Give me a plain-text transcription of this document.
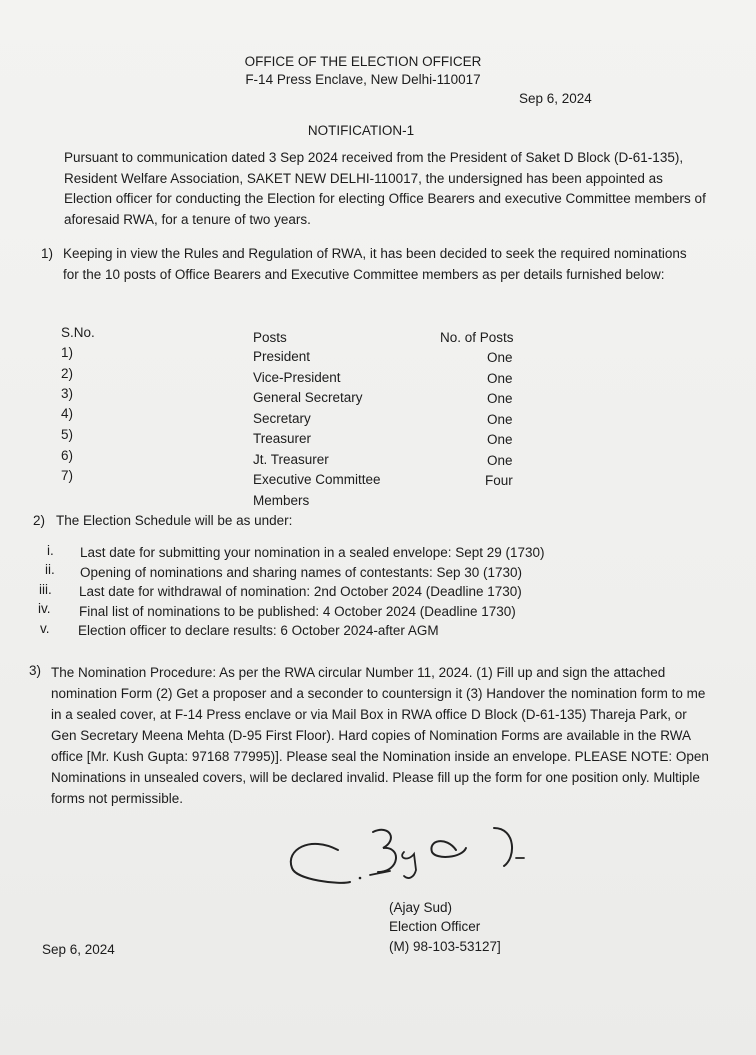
OFFICE OF THE ELECTION OFFICER
F-14 Press Enclave, New Delhi-110017
Sep 6, 2024
NOTIFICATION-1
Pursuant to communication dated 3 Sep 2024 received from the President of Saket D Block (D-61-135), Resident Welfare Association, SAKET NEW DELHI-110017, the undersigned has been appointed as Election officer for conducting the Election for electing Office Bearers and executive Committee members of aforesaid RWA, for a tenure of two years.
1) Keeping in view the Rules and Regulation of RWA, it has been decided to seek the required nominations for the 10 posts of Office Bearers and Executive Committee members as per details furnished below:
S.No.	Posts	No. of Posts
1)	President	One
2)	Vice-President	One
3)	General Secretary	One
4)	Secretary	One
5)	Treasurer	One
6)	Jt. Treasurer	One
7)	Executive Committee	Four
Members
2) The Election Schedule will be as under:
i. Last date for submitting your nomination in a sealed envelope: Sept 29 (1730)
ii. Opening of nominations and sharing names of contestants: Sep 30 (1730)
iii. Last date for withdrawal of nomination: 2nd October 2024 (Deadline 1730)
iv. Final list of nominations to be published: 4 October 2024 (Deadline 1730)
v. Election officer to declare results: 6 October 2024-after AGM
3) The Nomination Procedure: As per the RWA circular Number 11, 2024. (1) Fill up and sign the attached nomination Form (2) Get a proposer and a seconder to countersign it (3) Handover the nomination form to me in a sealed cover, at F-14 Press enclave or via Mail Box in RWA office D Block (D-61-135) Thareja Park, or Gen Secretary Meena Mehta (D-95 First Floor). Hard copies of Nomination Forms are available in the RWA office [Mr. Kush Gupta: 97168 77995)]. Please seal the Nomination inside an envelope. PLEASE NOTE: Open Nominations in unsealed covers, will be declared invalid. Please fill up the form for one position only. Multiple forms not permissible.
(Ajay Sud)
Election Officer
(M) 98-103-53127]
Sep 6, 2024
